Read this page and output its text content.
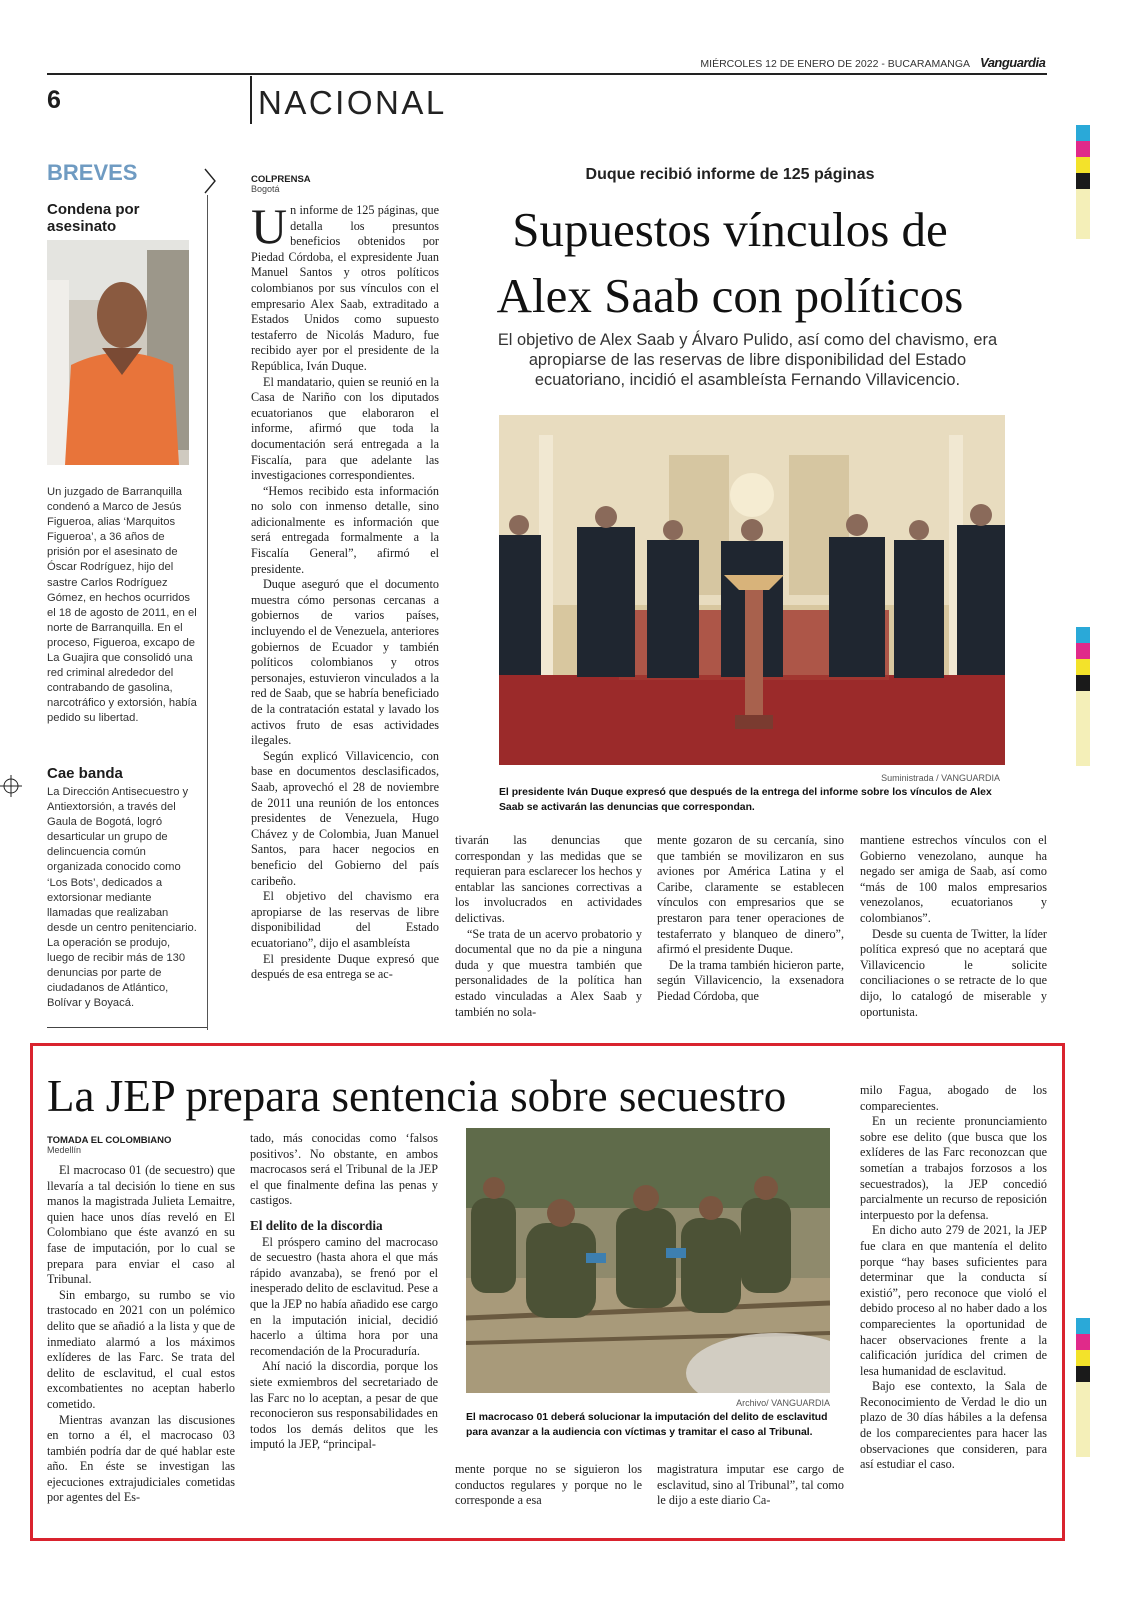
MIÉRCOLES 12 DE ENERO DE 2022 - BUCARAMANGA Vanguardia
6	NACIONAL
BREVES
Condena por asesinato
Un juzgado de Barranquilla condenó a Marco de Jesús Figueroa, alias ‘Marquitos Figueroa’, a 36 años de prisión por el asesinato de Óscar Rodríguez, hijo del sastre Carlos Rodríguez Gómez, en hechos ocurridos el 18 de agosto de 2011, en el norte de Barranquilla. En el proceso, Figueroa, excapo de La Guajira que consolidó una red criminal alrededor del contrabando de gasolina, narcotráfico y extorsión, había pedido su libertad.
Cae banda
La Dirección Antisecuestro y Antiextorsión, a través del Gaula de Bogotá, logró desarticular un grupo de delincuencia común organizada conocido como ‘Los Bots’, dedicados a extorsionar mediante llamadas que realizaban desde un centro penitenciario. La operación se produjo, luego de recibir más de 130 denuncias por parte de ciudadanos de Atlántico, Bolívar y Boyacá.
COLPRENSA
Bogotá
Un informe de 125 páginas, que detalla los presuntos beneficios obtenidos por Piedad Córdoba, el expresidente Juan Manuel Santos y otros políticos colombianos por sus vínculos con el empresario Alex Saab, extraditado a Estados Unidos como supuesto testaferro de Nicolás Maduro, fue recibido ayer por el presidente de la República, Iván Duque.

El mandatario, quien se reunió en la Casa de Nariño con los diputados ecuatorianos que elaboraron el informe, afirmó que toda la documentación será entregada a la Fiscalía, para que adelante las investigaciones correspondientes.

“Hemos recibido esta información no solo con inmenso detalle, sino adicionalmente es información que será entregada formalmente a la Fiscalía General”, afirmó el presidente.

Duque aseguró que el documento muestra cómo personas cercanas a gobiernos de varios países, incluyendo el de Venezuela, anteriores gobiernos de Ecuador y también políticos colombianos y otros personajes, estuvieron vinculados a la red de Saab, que se habría beneficiado de la contratación estatal y lavado los activos fruto de esas actividades ilegales.

Según explicó Villavicencio, con base en documentos desclasificados, Saab, aprovechó el 28 de noviembre de 2011 una reunión de los entonces presidentes de Venezuela, Hugo Chávez y de Colombia, Juan Manuel Santos, para hacer negocios en beneficio del Gobierno del país caribeño.

El objetivo del chavismo era apropiarse de las reservas de libre disponibilidad del Estado ecuatoriano”, dijo el asambleísta

El presidente Duque expresó que después de esa entrega se ac-

Duque recibió informe de 125 páginas
Supuestos vínculos de
Alex Saab con políticos
El objetivo de Alex Saab y Álvaro Pulido, así como del chavismo, era apropiarse de las reservas de libre disponibilidad del Estado ecuatoriano, incidió el asambleísta Fernando Villavicencio.
Suministrada / VANGUARDIA
El presidente Iván Duque expresó que después de la entrega del informe sobre los vínculos de Alex Saab se activarán las denuncias que correspondan.

tivarán las denuncias que correspondan y las medidas que se requieran para esclarecer los hechos y entablar las sanciones correctivas a los involucrados en actividades delictivas.

“Se trata de un acervo probatorio y documental que no da pie a ninguna duda y que muestra también que personalidades de la política han estado vinculadas a Alex Saab y también no sola-

mente gozaron de su cercanía, sino que también se movilizaron en sus aviones por América Latina y el Caribe, claramente se establecen vínculos con empresarios que se prestaron para tener operaciones de testaferrato y blanqueo de dinero”, afirmó el presidente Duque.

De la trama también hicieron parte, según Villavicencio, la exsenadora Piedad Córdoba, que

mantiene estrechos vínculos con el Gobierno venezolano, aunque ha negado ser amiga de Saab, así como “más de 100 malos empresarios venezolanos, ecuatorianos y colombianos”.

Desde su cuenta de Twitter, la líder política expresó que no aceptará que Villavicencio le solicite conciliaciones o se retracte de lo que dijo, lo catalogó de miserable y oportunista.

La JEP prepara sentencia sobre secuestro
TOMADA EL COLOMBIANO
Medellín

El macrocaso 01 (de secuestro) que llevaría a tal decisión lo tiene en sus manos la magistrada Julieta Lemaitre, quien hace unos días reveló en El Colombiano que éste avanzó en su fase de imputación, por lo cual se prepara para enviar el caso al Tribunal.

Sin embargo, su rumbo se vio trastocado en 2021 con un polémico delito que se añadió a la lista y que de inmediato alarmó a los máximos exlíderes de las Farc. Se trata del delito de esclavitud, el cual estos excombatientes no aceptan haberlo cometido.

Mientras avanzan las discusiones en torno a él, el macrocaso 03 también podría dar de qué hablar este año. En éste se investigan las ejecuciones extrajudiciales cometidas por agentes del Es-

tado, más conocidas como ‘falsos positivos’. No obstante, en ambos macrocasos será el Tribunal de la JEP el que finalmente defina las penas y castigos.

El delito de la discordia

El próspero camino del macrocaso de secuestro (hasta ahora el que más rápido avanzaba), se frenó por el inesperado delito de esclavitud. Pese a que la JEP no había añadido ese cargo en la imputación inicial, decidió hacerlo a última hora por una recomendación de la Procuraduría.

Ahí nació la discordia, porque los siete exmiembros del secretariado de las Farc no lo aceptan, a pesar de que reconocieron sus responsabilidades en todos los demás delitos que les imputó la JEP, “principal-

Archivo/ VANGUARDIA
El macrocaso 01 deberá solucionar la imputación del delito de esclavitud para avanzar a la audiencia con víctimas y tramitar el caso al Tribunal.

mente porque no se siguieron los conductos regulares y porque no le corresponde a esa

magistratura imputar ese cargo de esclavitud, sino al Tribunal”, tal como le dijo a este diario Ca-

milo Fagua, abogado de los comparecientes.

En un reciente pronunciamiento sobre ese delito (que busca que los exlíderes de las Farc reconozcan que sometían a trabajos forzosos a los secuestrados), la JEP concedió parcialmente un recurso de reposición interpuesto por la defensa.

En dicho auto 279 de 2021, la JEP fue clara en que mantenía el delito porque “hay bases suficientes para determinar que la conducta sí existió”, pero reconoce que violó el debido proceso al no haber dado a los comparecientes la oportunidad de hacer observaciones frente a la calificación jurídica del crimen de lesa humanidad de esclavitud.

Bajo ese contexto, la Sala de Reconocimiento de Verdad le dio un plazo de 30 días hábiles a la defensa de los comparecientes para hacer las observaciones que consideren, para así estudiar el caso.
